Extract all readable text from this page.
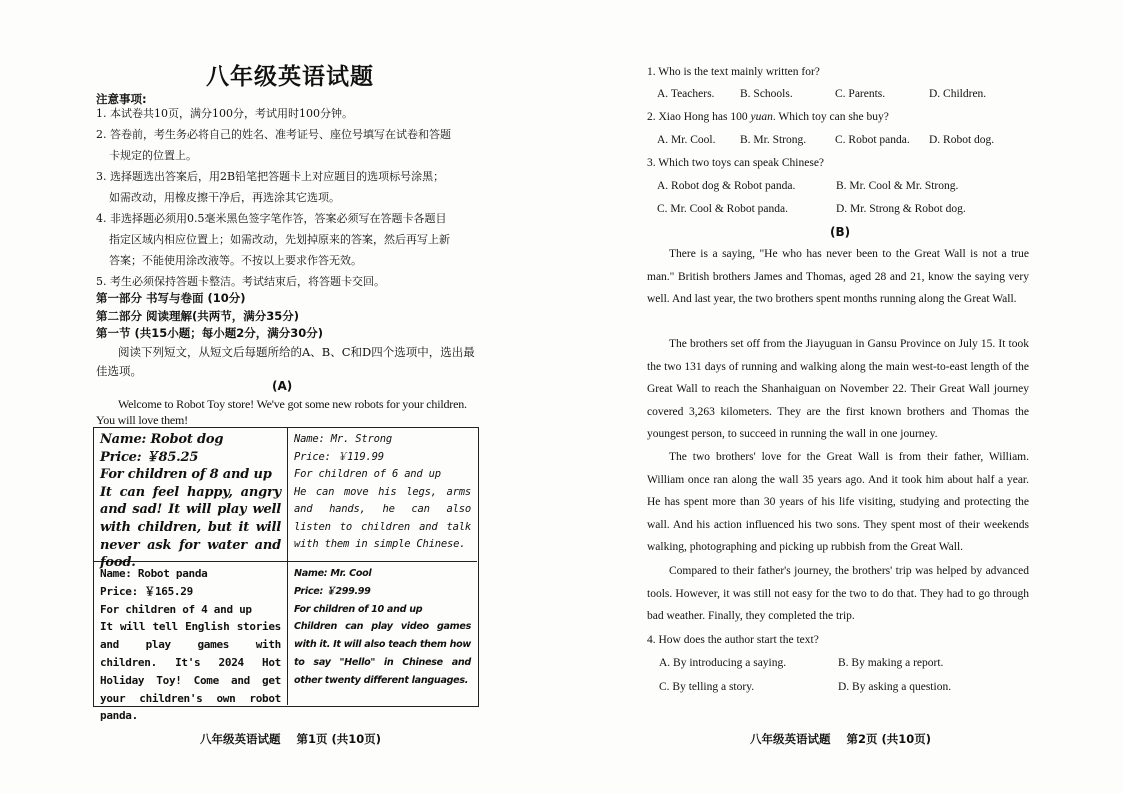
八年级英语试题
注意事项:
1. 本试卷共10页，满分100分，考试用时100分钟。
2. 答卷前，考生务必将自己的姓名、准考证号、座位号填写在试卷和答题
卡规定的位置上。
3. 选择题选出答案后，用2B铅笔把答题卡上对应题目的选项标号涂黑；
如需改动，用橡皮擦干净后，再选涂其它选项。
4. 非选择题必须用0.5毫米黑色签字笔作答，答案必须写在答题卡各题目
指定区域内相应位置上；如需改动，先划掉原来的答案，然后再写上新
答案；不能使用涂改液等。不按以上要求作答无效。
5. 考生必须保持答题卡整洁。考试结束后，将答题卡交回。
第一部分 书写与卷面 (10分)
第二部分 阅读理解(共两节，满分35分)
第一节 (共15小题；每小题2分，满分30分)
阅读下列短文，从短文后每题所给的A、B、C和D四个选项中，选出最佳选项。
(A)
Welcome to Robot Toy store! We've got some new robots for your children. You will love them!
Name: Robot dog
Price: ￥85.25
For children of 8 and up
It can feel happy, angry and sad! It will play well with children, but it will never ask for water and food.
Name: Mr. Strong
Price: ￥119.99
For children of 6 and up
He can move his legs, arms and hands, he can also listen to children and talk with them in simple Chinese.
Name: Robot panda
Price: ￥165.29
For children of 4 and up
It will tell English stories and play games with children. It's 2024 Hot Holiday Toy! Come and get your children's own robot panda.
Name: Mr. Cool
Price: ￥299.99
For children of 10 and up
Children can play video games with it. It will also teach them how to say "Hello" in Chinese and other twenty different languages.
八年级英语试题    第1页 (共10页)
1. Who is the text mainly written for?
A. Teachers. B. Schools.	C. Parents.	D. Children.
2. Xiao Hong has 100 yuan. Which toy can she buy?
A. Mr. Cool. B. Mr. Strong.	C. Robot panda. D. Robot dog.
3. Which two toys can speak Chinese?
A. Robot dog & Robot panda.	B. Mr. Cool & Mr. Strong.
C. Mr. Cool & Robot panda.	D. Mr. Strong & Robot dog.
(B)
There is a saying, "He who has never been to the Great Wall is not a true man." British brothers James and Thomas, aged 28 and 21, know the saying very well. And last year, the two brothers spent months running along the Great Wall.
The brothers set off from the Jiayuguan in Gansu Province on July 15. It took the two 131 days of running and walking along the main west-to-east length of the Great Wall to reach the Shanhaiguan on November 22. Their Great Wall journey covered 3,263 kilometers. They are the first known brothers and Thomas the youngest person, to succeed in running the wall in one journey.
The two brothers' love for the Great Wall is from their father, William. William once ran along the wall 35 years ago. And it took him about half a year. He has spent more than 30 years of his life visiting, studying and protecting the wall. And his action influenced his two sons. They spent most of their weekends walking, photographing and picking up rubbish from the Great Wall.
Compared to their father's journey, the brothers' trip was helped by advanced tools. However, it was still not easy for the two to do that. They had to go through bad weather. Finally, they completed the trip.
4. How does the author start the text?
A. By introducing a saying.	B. By making a report.
C. By telling a story.	D. By asking a question.
八年级英语试题    第2页 (共10页)
